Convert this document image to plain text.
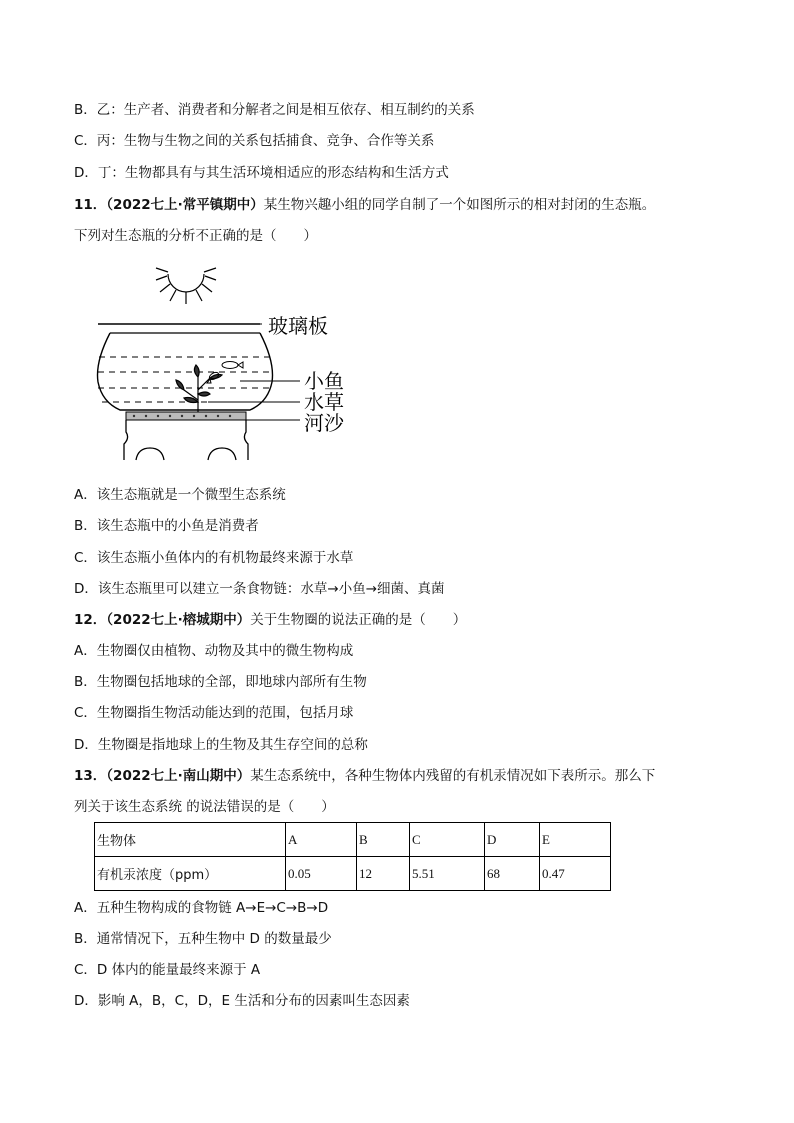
B．乙：生产者、消费者和分解者之间是相互依存、相互制约的关系
C．丙：生物与生物之间的关系包括捕食、竞争、合作等关系
D．丁：生物都具有与其生活环境相适应的形态结构和生活方式
11．（2022七上·常平镇期中）某生物兴趣小组的同学自制了一个如图所示的相对封闭的生态瓶。
下列对生态瓶的分析不正确的是（　　）
玻璃板
小鱼
水草
河沙
A．该生态瓶就是一个微型生态系统
B．该生态瓶中的小鱼是消费者
C．该生态瓶小鱼体内的有机物最终来源于水草
D．该生态瓶里可以建立一条食物链：水草→小鱼→细菌、真菌
12．（2022七上·榕城期中）关于生物圈的说法正确的是（　　）
A．生物圈仅由植物、动物及其中的微生物构成
B．生物圈包括地球的全部，即地球内部所有生物
C．生物圈指生物活动能达到的范围，包括月球
D．生物圈是指地球上的生物及其生存空间的总称
13．（2022七上·南山期中）某生态系统中，各种生物体内残留的有机汞情况如下表所示。那么下
列关于该生态系统 的说法错误的是（　　）
生物体	A	B	C	D	E
有机汞浓度（ppm）	0.05	12	5.51	68	0.47
A．五种生物构成的食物链 A→E→C→B→D
B．通常情况下，五种生物中 D 的数量最少
C．D 体内的能量最终来源于 A
D．影响 A，B，C，D，E 生活和分布的因素叫生态因素
